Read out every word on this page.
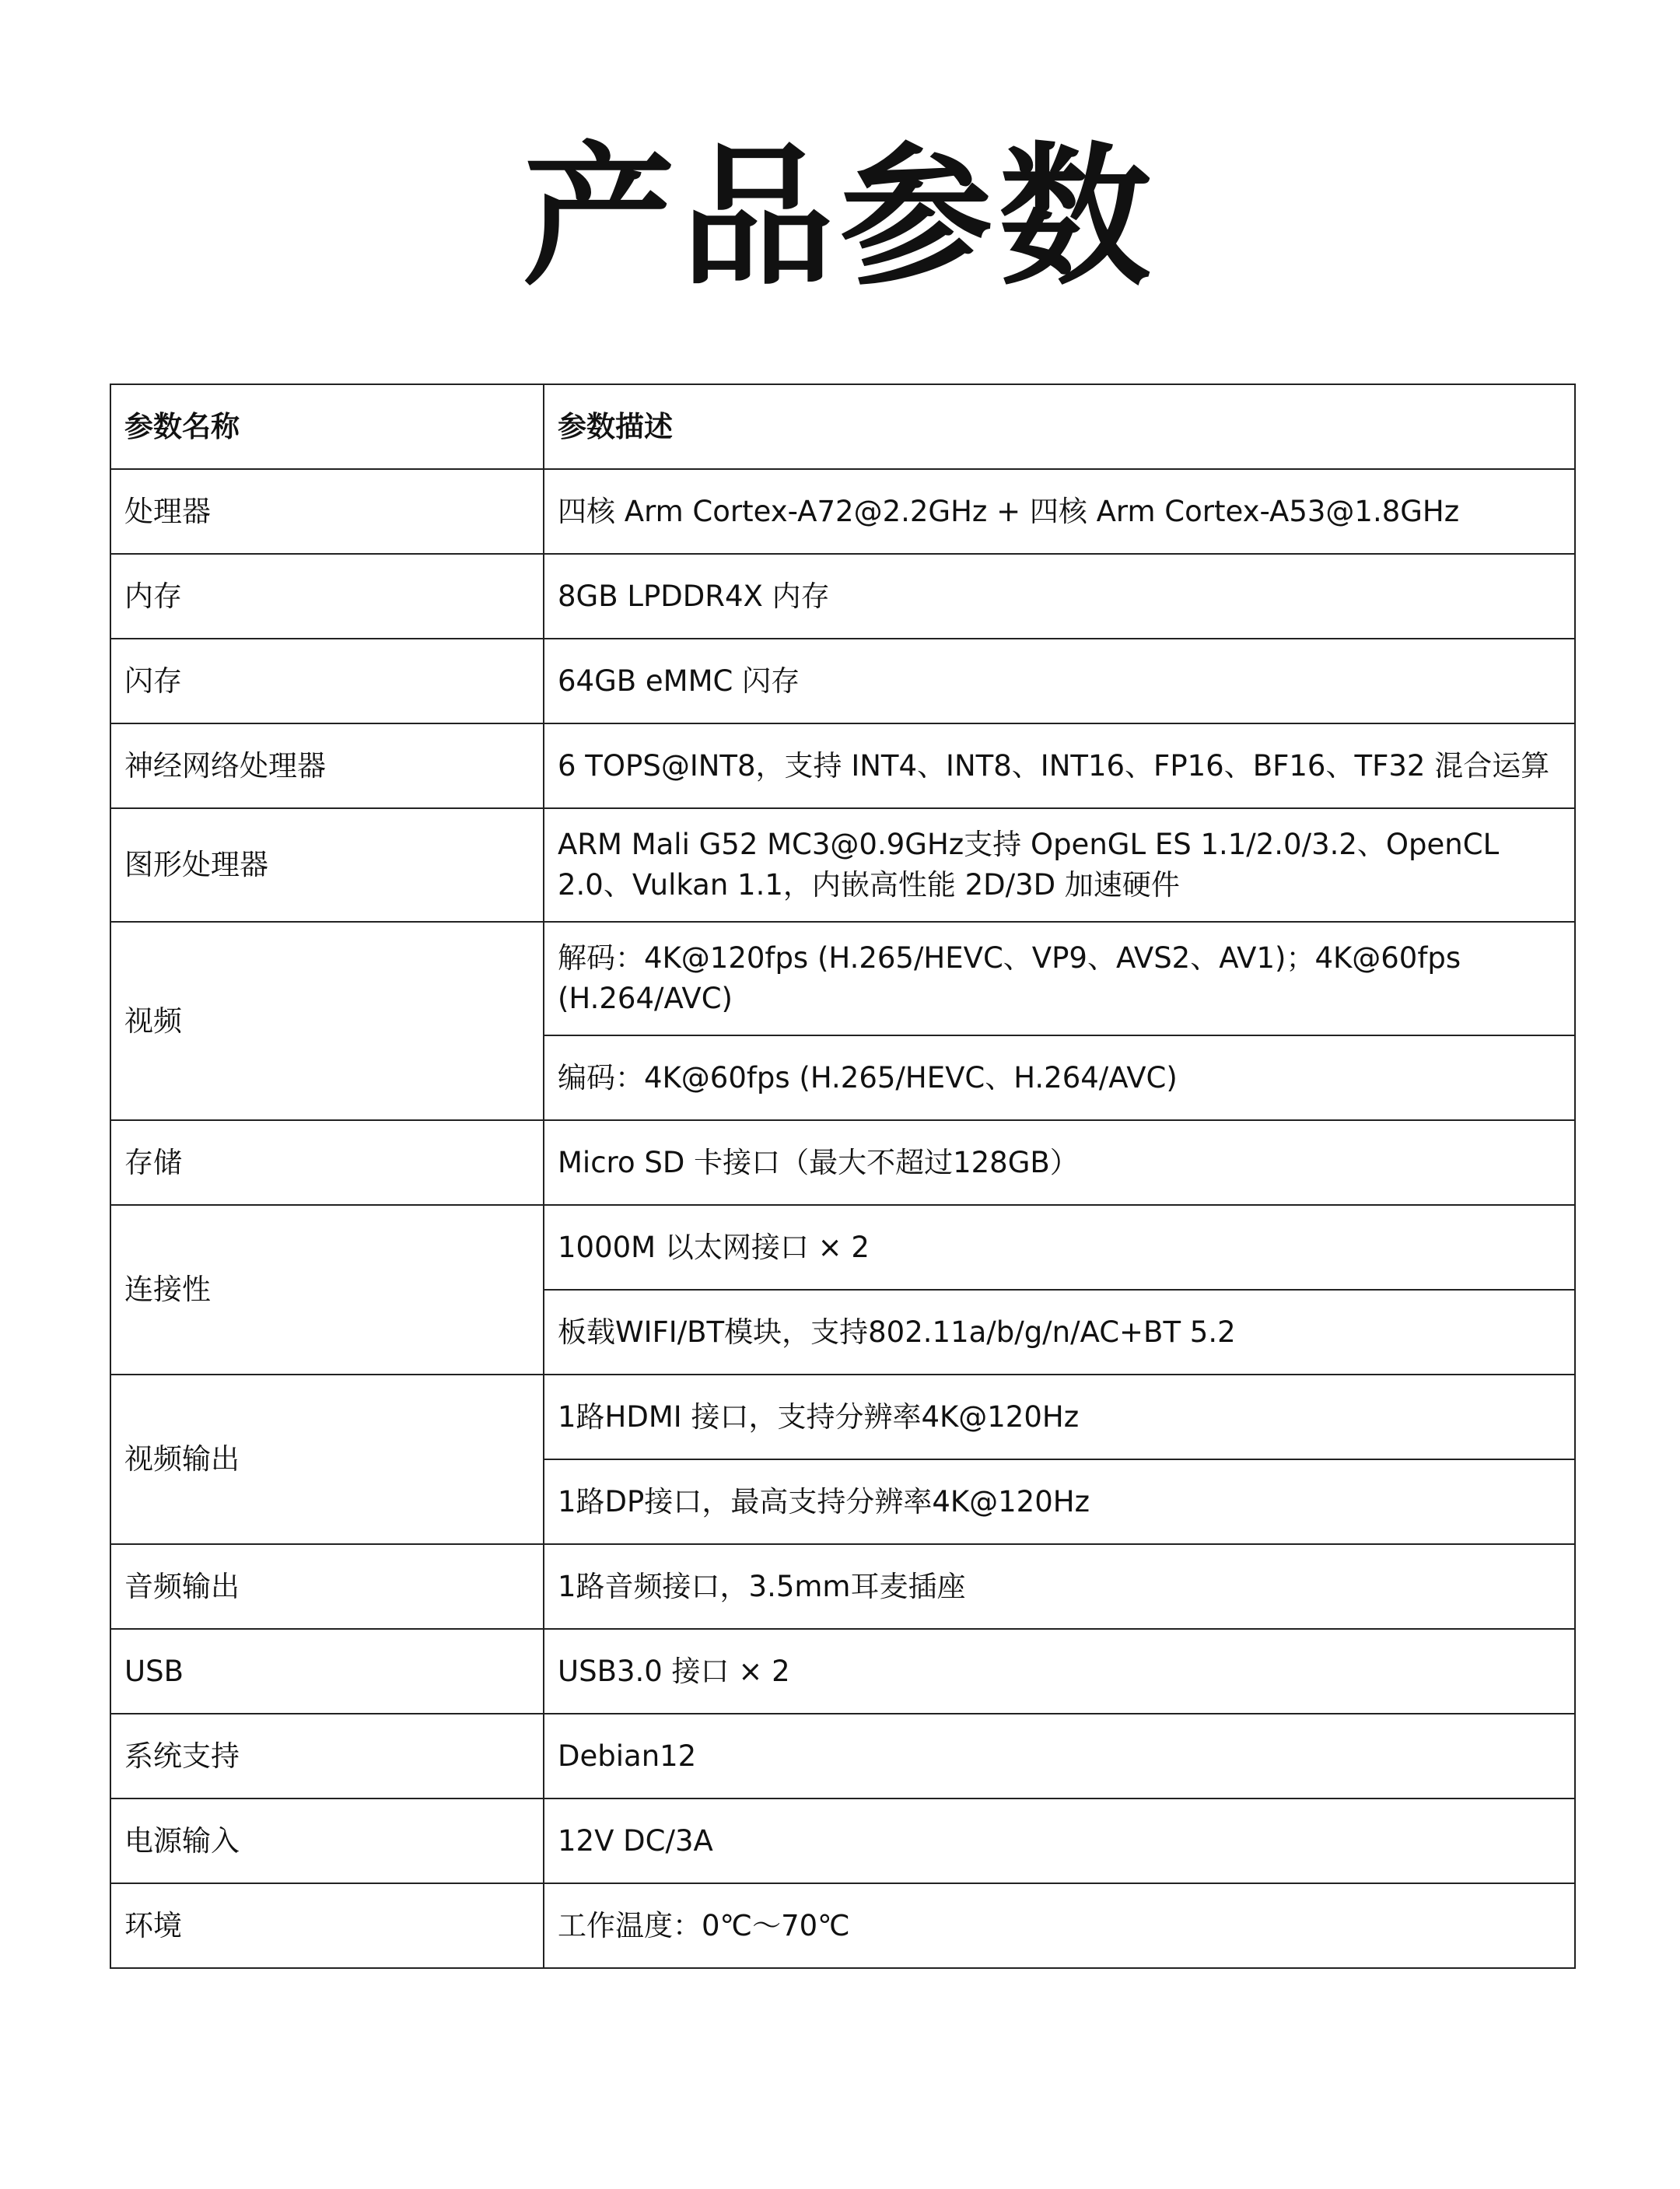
产品参数
参数名称	参数描述
处理器	四核 Arm Cortex-A72@2.2GHz + 四核 Arm Cortex-A53@1.8GHz
内存	8GB LPDDR4X 内存
闪存	64GB eMMC 闪存
神经网络处理器	6 TOPS@INT8，支持 INT4、INT8、INT16、FP16、BF16、TF32 混合运算
图形处理器	ARM Mali G52 MC3@0.9GHz支持 OpenGL ES 1.1/2.0/3.2、OpenCL 2.0、Vulkan 1.1，内嵌高性能 2D/3D 加速硬件
视频	解码：4K@120fps (H.265/HEVC、VP9、AVS2、AV1)；4K@60fps (H.264/AVC)
	编码：4K@60fps (H.265/HEVC、H.264/AVC)
存储	Micro SD 卡接口（最大不超过128GB）
连接性	1000M 以太网接口 × 2
	板载WIFI/BT模块，支持802.11a/b/g/n/AC+BT 5.2
视频输出	1路HDMI 接口，支持分辨率4K@120Hz
	1路DP接口，最高支持分辨率4K@120Hz
音频输出	1路音频接口，3.5mm耳麦插座
USB	USB3.0 接口 × 2
系统支持	Debian12
电源输入	12V DC/3A
环境	工作温度：0℃～70℃
